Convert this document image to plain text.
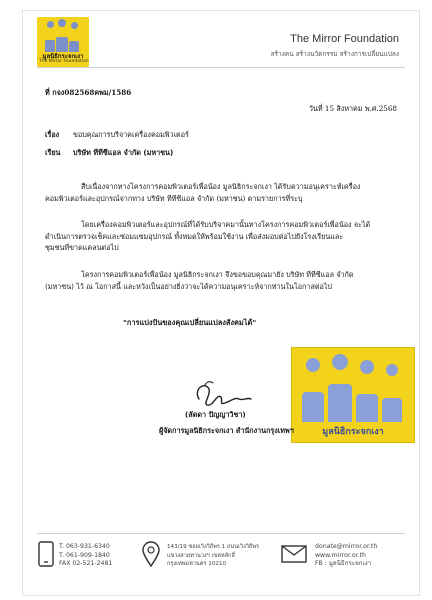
มูลนิธิกระจกเงา
The Mirror Foundation
The Mirror Foundation
สร้างคน สร้างนวัตกรรม สร้างการเปลี่ยนแปลง
ที่ กจง082568คพม/1586
วันที่ 15 สิงหาคม พ.ศ.2568
เรื่อง ขอบคุณการบริจาคเครื่องคอมพิวเตอร์
เรียน บริษัท ทีทีซีแอล จำกัด (มหาชน)

สืบเนื่องจากทางโครงการคอมพิวเตอร์เพื่อน้อง มูลนิธิกระจกเงา ได้รับความอนุเคราะห์เครื่อง

คอมพิวเตอร์และอุปกรณ์จากทาง บริษัท ทีทีซีแอล จำกัด (มหาชน) ตามรายการที่ระบุ

โดยเครื่องคอมพิวเตอร์และอุปกรณ์ที่ได้รับบริจาคมานั้นทางโครงการคอมพิวเตอร์เพื่อน้อง จะได้

ดำเนินการตรวจเช็คและซ่อมแซมอุปกรณ์ ทั้งหมดให้พร้อมใช้งาน เพื่อส่งมอบต่อไปยังโรงเรียนและ

ชุมชนที่ขาดแคลนต่อไป

โครงการคอมพิวเตอร์เพื่อน้อง มูลนิธิกระจกเงา จึงขอขอบคุณมายัง บริษัท ทีทีซีแอล จำกัด

(มหาชน) ไว้ ณ โอกาสนี้ และหวังเป็นอย่างยิ่งว่าจะได้ความอนุเคราะห์จากท่านในโอกาสต่อไป

"การแบ่งปันของคุณเปลี่ยนแปลงสังคมได้"
มูลนิธิกระจกเงา
(ลัดดา ปัญญาวิชา)
ผู้จัดการมูลนิธิกระจกเงา สำนักงานกรุงเทพฯ
T. 063-931-6340
T. 061-909-1840
FAX 02-521-2481
143/19 ซอยเวิงวิถีพร 1 ถนนเวิงวิถีพร
แขวงสายทานวงฯ เขตหลักสี่
กรุงเทพมหานคร 10210
donate@mirror.or.th
www.mirror.or.th
FB : มูลนิธิกระจกเงา
